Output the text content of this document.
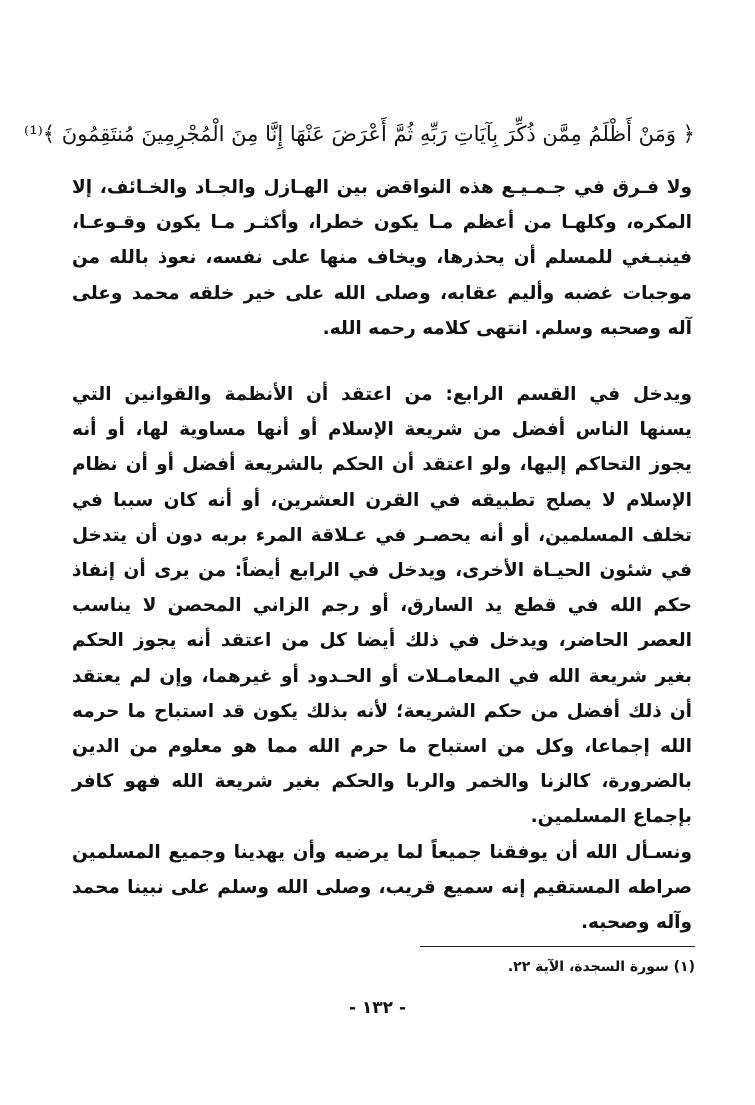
﴿ وَمَنْ أَظْلَمُ مِمَّن ذُكِّرَ بِآيَاتِ رَبِّهِ ثُمَّ أَعْرَضَ عَنْهَا إِنَّا مِنَ الْمُجْرِمِينَ مُنتَقِمُونَ ﴾⁽¹⁾

ولا فـرق في جـمـيـع هذه النواقض بين الهـازل والجـاد والخـائف، إلا المكره، وكلهـا من أعظم مـا يكون خطرا، وأكثـر مـا يكون وقـوعـا، فينبـغي للمسلم أن يحذرها، ويخاف منها على نفسه، نعوذ بالله من موجبات غضبه وأليم عقابه، وصلى الله على خير خلقه محمد وعلى آله وصحبه وسلم. انتهى كلامه رحمه الله.

ويدخل في القسم الرابع: من اعتقد أن الأنظمة والقوانين التي يسنها الناس أفضل من شريعة الإسلام أو أنها مساوية لها، أو أنه يجوز التحاكم إليها، ولو اعتقد أن الحكم بالشريعة أفضل أو أن نظام الإسلام لا يصلح تطبيقه في القرن العشرين، أو أنه كان سببا في تخلف المسلمين، أو أنه يحصـر في عـلاقة المرء بربه دون أن يتدخل في شئون الحيـاة الأخرى، ويدخل في الرابع أيضاً: من يرى أن إنفاذ حكم الله في قطع يد السارق، أو رجم الزاني المحصن لا يناسب العصر الحاضر، ويدخل في ذلك أيضا كل من اعتقد أنه يجوز الحكم بغير شريعة الله في المعامـلات أو الحـدود أو غيرهما، وإن لم يعتقد أن ذلك أفضل من حكم الشريعة؛ لأنه بذلك يكون قد استباح ما حرمه الله إجماعا، وكل من استباح ما حرم الله مما هو معلوم من الدين بالضرورة، كالزنا والخمر والربا والحكم بغير شريعة الله فهو كافر بإجماع المسلمين.

ونسـأل الله أن يوفقنا جميعاً لما يرضيه وأن يهدينا وجميع المسلمين صراطه المستقيم إنه سميع قريب، وصلى الله وسلم على نبينا محمد وآله وصحبه.

(١) سورة السجدة، الآية ٢٢.
- ١٣٢ -
